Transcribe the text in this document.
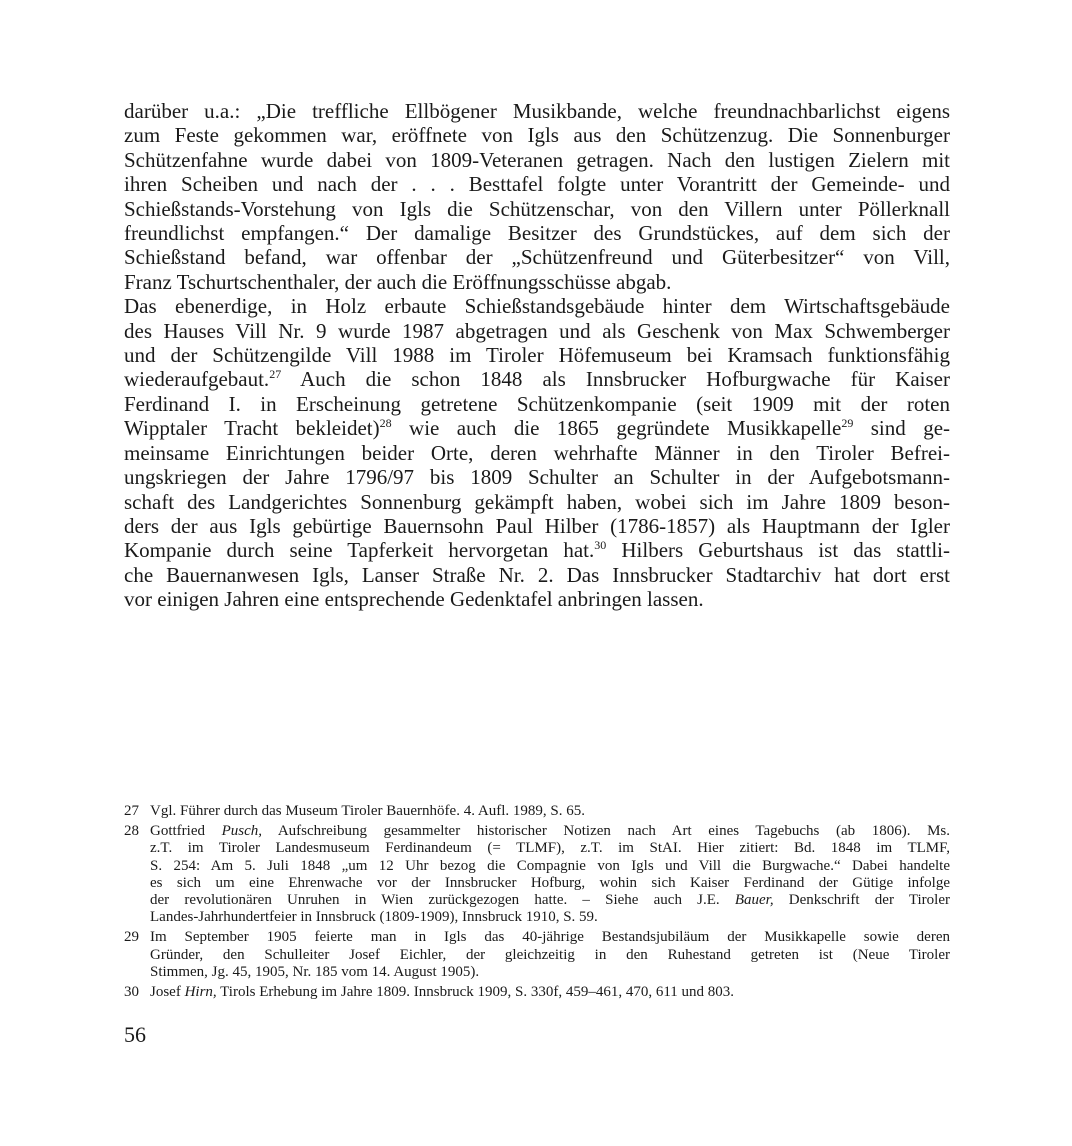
darüber u.a.: „Die treffliche Ellbögener Musikbande, welche freundnachbarlichst eigens
zum Feste gekommen war, eröffnete von Igls aus den Schützenzug. Die Sonnenburger
Schützenfahne wurde dabei von 1809-Veteranen getragen. Nach den lustigen Zielern mit
ihren Scheiben und nach der . . . Besttafel folgte unter Vorantritt der Gemeinde- und
Schießstands-Vorstehung von Igls die Schützenschar, von den Villern unter Pöllerknall
freundlichst empfangen.“ Der damalige Besitzer des Grundstückes, auf dem sich der
Schießstand befand, war offenbar der „Schützenfreund und Güterbesitzer“ von Vill,
Franz Tschurtschenthaler, der auch die Eröffnungsschüsse abgab.
Das ebenerdige, in Holz erbaute Schießstandsgebäude hinter dem Wirtschaftsgebäude
des Hauses Vill Nr. 9 wurde 1987 abgetragen und als Geschenk von Max Schwemberger
und der Schützengilde Vill 1988 im Tiroler Höfemuseum bei Kramsach funktionsfähig
wiederaufgebaut.$^{27}$ Auch die schon 1848 als Innsbrucker Hofburgwache für Kaiser
Ferdinand I. in Erscheinung getretene Schützenkompanie (seit 1909 mit der roten
Wipptaler Tracht bekleidet)$^{28}$ wie auch die 1865 gegründete Musikkapelle$^{29}$ sind ge-
meinsame Einrichtungen beider Orte, deren wehrhafte Männer in den Tiroler Befrei-
ungskriegen der Jahre 1796/97 bis 1809 Schulter an Schulter in der Aufgebotsmann-
schaft des Landgerichtes Sonnenburg gekämpft haben, wobei sich im Jahre 1809 beson-
ders der aus Igls gebürtige Bauernsohn Paul Hilber (1786-1857) als Hauptmann der Igler
Kompanie durch seine Tapferkeit hervorgetan hat.$^{30}$ Hilbers Geburtshaus ist das stattli-
che Bauernanwesen Igls, Lanser Straße Nr. 2. Das Innsbrucker Stadtarchiv hat dort erst
vor einigen Jahren eine entsprechende Gedenktafel anbringen lassen.
27 Vgl. Führer durch das Museum Tiroler Bauernhöfe. 4. Aufl. 1989, S. 65.
28 Gottfried Pusch, Aufschreibung gesammelter historischer Notizen nach Art eines Tagebuchs (ab 1806). Ms.
z.T. im Tiroler Landesmuseum Ferdinandeum (= TLMF), z.T. im StAI. Hier zitiert: Bd. 1848 im TLMF,
S. 254: Am 5. Juli 1848 „um 12 Uhr bezog die Compagnie von Igls und Vill die Burgwache.“ Dabei handelte
es sich um eine Ehrenwache vor der Innsbrucker Hofburg, wohin sich Kaiser Ferdinand der Gütige infolge
der revolutionären Unruhen in Wien zurückgezogen hatte. – Siehe auch J.E. Bauer, Denkschrift der Tiroler
Landes-Jahrhundertfeier in Innsbruck (1809-1909), Innsbruck 1910, S. 59.
29 Im September 1905 feierte man in Igls das 40-jährige Bestandsjubiläum der Musikkapelle sowie deren
Gründer, den Schulleiter Josef Eichler, der gleichzeitig in den Ruhestand getreten ist (Neue Tiroler
Stimmen, Jg. 45, 1905, Nr. 185 vom 14. August 1905).
30 Josef Hirn, Tirols Erhebung im Jahre 1809. Innsbruck 1909, S. 330f, 459–461, 470, 611 und 803.
56
